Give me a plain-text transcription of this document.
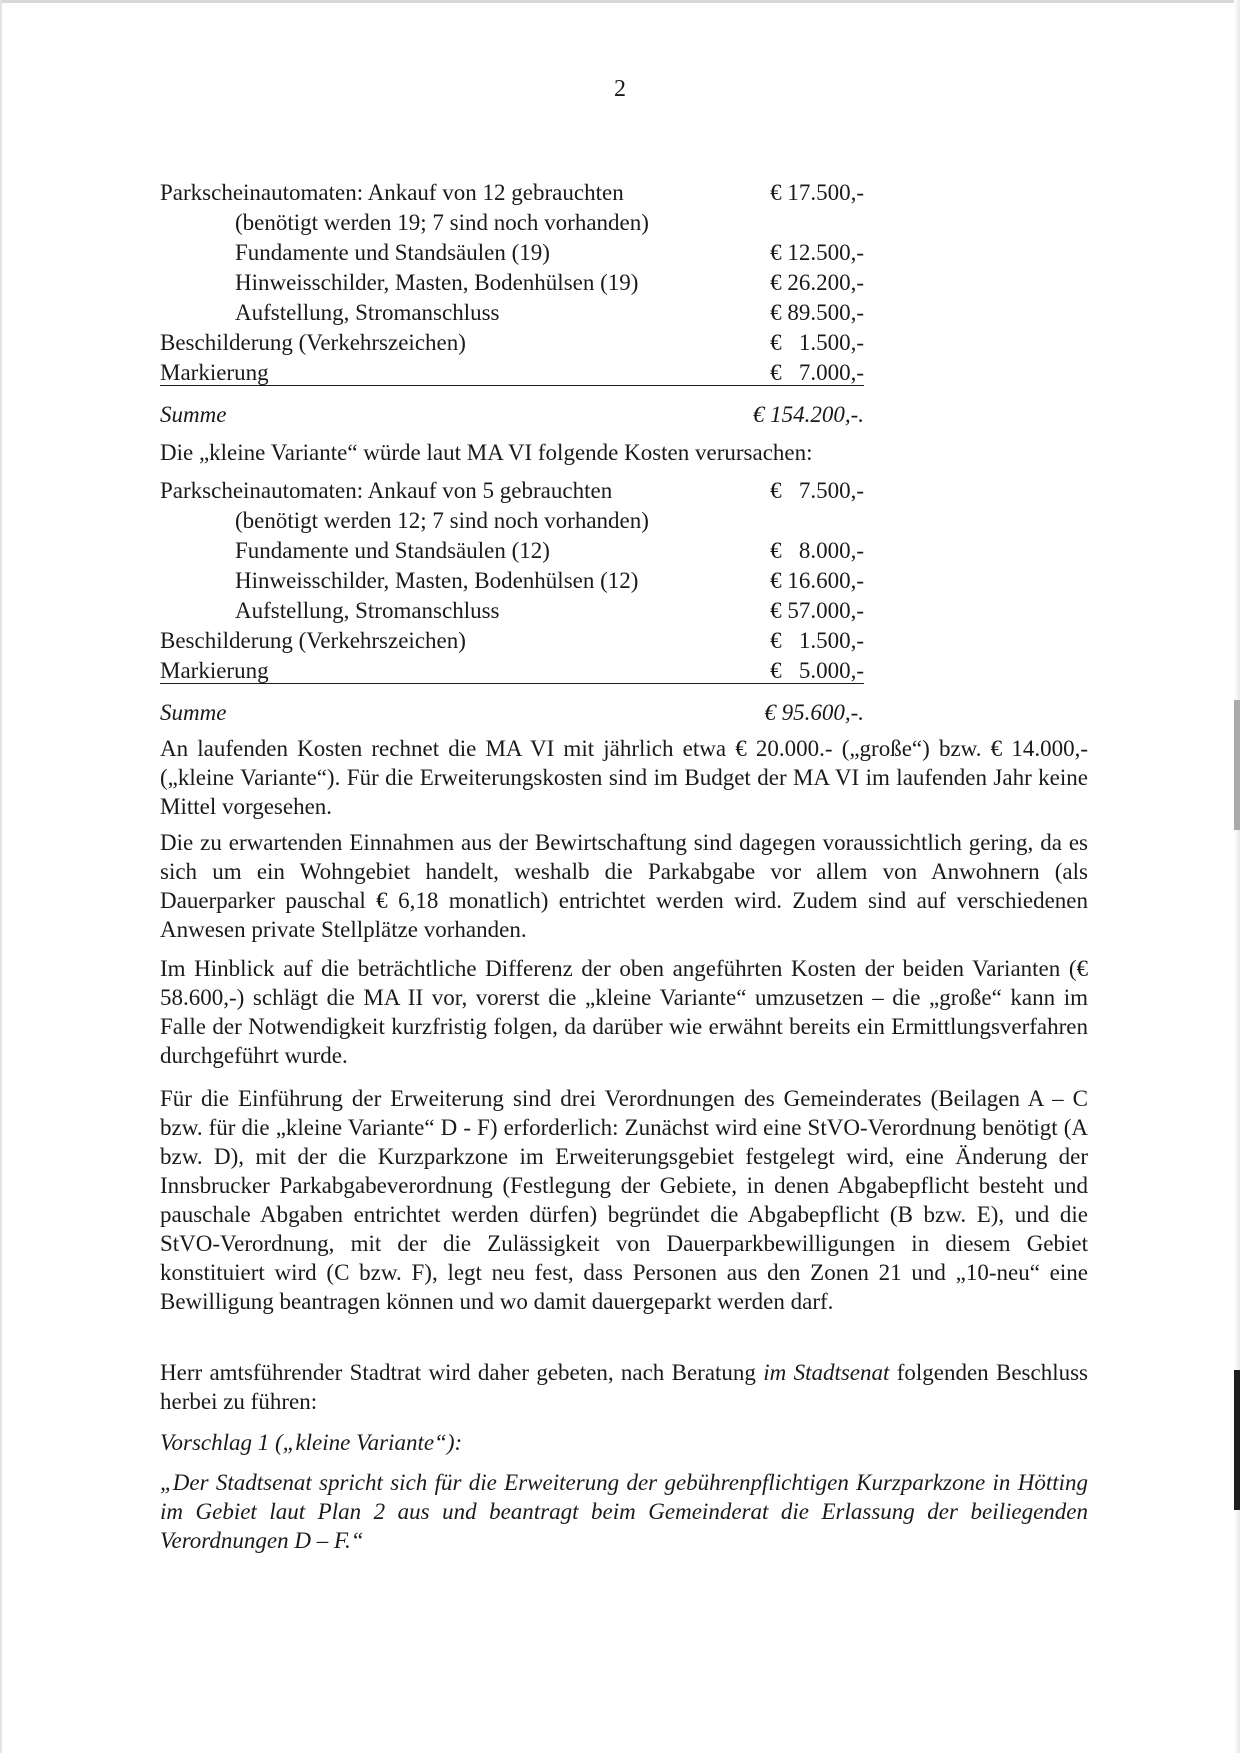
2
Parkscheinautomaten: Ankauf von 12 gebrauchten	€ 17.500,-
(benötigt werden 19; 7 sind noch vorhanden)
Fundamente und Standsäulen (19)	€ 12.500,-
Hinweisschilder, Masten, Bodenhülsen (19)	€ 26.200,-
Aufstellung, Stromanschluss	€ 89.500,-
Beschilderung (Verkehrszeichen)	€   1.500,-
Markierung	€   7.000,-
Summe	€ 154.200,-.
Die „kleine Variante“ würde laut MA VI folgende Kosten verursachen:
Parkscheinautomaten: Ankauf von 5 gebrauchten	€   7.500,-
(benötigt werden 12; 7 sind noch vorhanden)
Fundamente und Standsäulen (12)	€   8.000,-
Hinweisschilder, Masten, Bodenhülsen (12)	€ 16.600,-
Aufstellung, Stromanschluss	€ 57.000,-
Beschilderung (Verkehrszeichen)	€   1.500,-
Markierung	€   5.000,-
Summe	€ 95.600,-.

An laufenden Kosten rechnet die MA VI mit jährlich etwa € 20.000.- („große“) bzw. € 14.000,- („kleine Variante“). Für die Erweiterungskosten sind im Budget der MA VI im laufenden Jahr keine Mittel vorgesehen.

Die zu erwartenden Einnahmen aus der Bewirtschaftung sind dagegen voraussichtlich gering, da es sich um ein Wohngebiet handelt, weshalb die Parkabgabe vor allem von Anwohnern (als Dauerparker pauschal € 6,18 monatlich) entrichtet werden wird. Zudem sind auf verschiedenen Anwesen private Stellplätze vorhanden.

Im Hinblick auf die beträchtliche Differenz der oben angeführten Kosten der beiden Varianten (€ 58.600,-) schlägt die MA II vor, vorerst die „kleine Variante“ umzusetzen – die „große“ kann im Falle der Notwendigkeit kurzfristig folgen, da darüber wie erwähnt bereits ein Ermittlungsverfahren durchgeführt wurde.

Für die Einführung der Erweiterung sind drei Verordnungen des Gemeinderates (Beilagen A – C bzw. für die „kleine Variante“ D - F) erforderlich: Zunächst wird eine StVO-Verordnung benötigt (A bzw. D), mit der die Kurzparkzone im Erweiterungsgebiet festgelegt wird, eine Änderung der Innsbrucker Parkabgabeverordnung (Festlegung der Gebiete, in denen Abgabepflicht besteht und pauschale Abgaben entrichtet werden dürfen) begründet die Abgabepflicht (B bzw. E), und die StVO-Verordnung, mit der die Zulässigkeit von Dauerparkbewilligungen in diesem Gebiet konstituiert wird (C bzw. F), legt neu fest, dass Personen aus den Zonen 21 und „10-neu“ eine Bewilligung beantragen können und wo damit dauergeparkt werden darf.

Herr amtsführender Stadtrat wird daher gebeten, nach Beratung im Stadtsenat folgenden Beschluss herbei zu führen:

Vorschlag 1 („kleine Variante“):

„Der Stadtsenat spricht sich für die Erweiterung der gebührenpflichtigen Kurzparkzone in Hötting im Gebiet laut Plan 2 aus und beantragt beim Gemeinderat die Erlassung der beiliegenden Verordnungen D – F.“
